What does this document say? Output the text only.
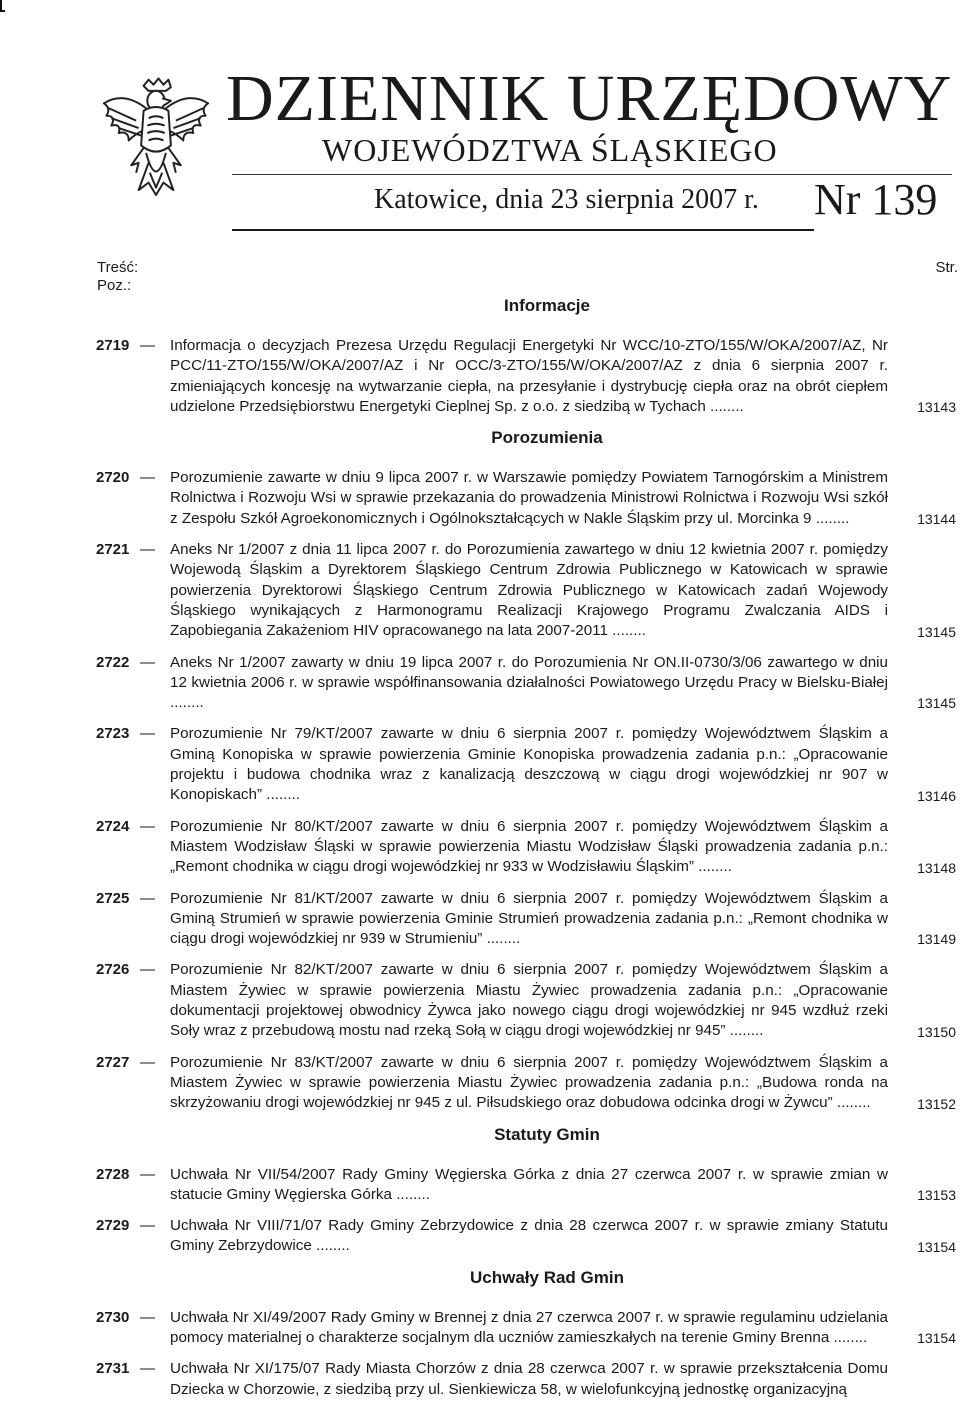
DZIENNIK URZĘDOWY
WOJEWÓDZTWA ŚLĄSKIEGO
Katowice, dnia 23 sierpnia 2007 r. Nr 139
Treść:
Poz.:
Str.
Informacje
2719 — Informacja o decyzjach Prezesa Urzędu Regulacji Energetyki Nr WCC/10-ZTO/155/W/OKA/2007/AZ, Nr PCC/11-ZTO/155/W/OKA/2007/AZ i Nr OCC/3-ZTO/155/W/OKA/2007/AZ z dnia 6 sierpnia 2007 r. zmieniających koncesję na wytwarzanie ciepła, na przesyłanie i dystrybucję ciepła oraz na obrót ciepłem udzielone Przedsiębiorstwu Energetyki Cieplnej Sp. z o.o. z siedzibą w Tychach ........	13143
Porozumienia
2720 — Porozumienie zawarte w dniu 9 lipca 2007 r. w Warszawie pomiędzy Powiatem Tarnogórskim a Ministrem Rolnictwa i Rozwoju Wsi w sprawie przekazania do prowadzenia Ministrowi Rolnictwa i Rozwoju Wsi szkół z Zespołu Szkół Agroekonomicznych i Ogólnokształcących w Nakle Śląskim przy ul. Morcinka 9 ........	13144
2721 — Aneks Nr 1/2007 z dnia 11 lipca 2007 r. do Porozumienia zawartego w dniu 12 kwietnia 2007 r. pomiędzy Wojewodą Śląskim a Dyrektorem Śląskiego Centrum Zdrowia Publicznego w Katowicach w sprawie powierzenia Dyrektorowi Śląskiego Centrum Zdrowia Publicznego w Katowicach zadań Wojewody Śląskiego wynikających z Harmonogramu Realizacji Krajowego Programu Zwalczania AIDS i Zapobiegania Zakażeniom HIV opracowanego na lata 2007-2011 ........	13145
2722 — Aneks Nr 1/2007 zawarty w dniu 19 lipca 2007 r. do Porozumienia Nr ON.II-0730/3/06 zawartego w dniu 12 kwietnia 2006 r. w sprawie współfinansowania działalności Powiatowego Urzędu Pracy w Bielsku-Białej ........	13145
2723 — Porozumienie Nr 79/KT/2007 zawarte w dniu 6 sierpnia 2007 r. pomiędzy Województwem Śląskim a Gminą Konopiska w sprawie powierzenia Gminie Konopiska prowadzenia zadania p.n.: „Opracowanie projektu i budowa chodnika wraz z kanalizacją deszczową w ciągu drogi wojewódzkiej nr 907 w Konopiskach” ........	13146
2724 — Porozumienie Nr 80/KT/2007 zawarte w dniu 6 sierpnia 2007 r. pomiędzy Województwem Śląskim a Miastem Wodzisław Śląski w sprawie powierzenia Miastu Wodzisław Śląski prowadzenia zadania p.n.: „Remont chodnika w ciągu drogi wojewódzkiej nr 933 w Wodzisławiu Śląskim” ........	13148
2725 — Porozumienie Nr 81/KT/2007 zawarte w dniu 6 sierpnia 2007 r. pomiędzy Województwem Śląskim a Gminą Strumień w sprawie powierzenia Gminie Strumień prowadzenia zadania p.n.: „Remont chodnika w ciągu drogi wojewódzkiej nr 939 w Strumieniu” ........	13149
2726 — Porozumienie Nr 82/KT/2007 zawarte w dniu 6 sierpnia 2007 r. pomiędzy Województwem Śląskim a Miastem Żywiec w sprawie powierzenia Miastu Żywiec prowadzenia zadania p.n.: „Opracowanie dokumentacji projektowej obwodnicy Żywca jako nowego ciągu drogi wojewódzkiej nr 945 wzdłuż rzeki Soły wraz z przebudową mostu nad rzeką Sołą w ciągu drogi wojewódzkiej nr 945” ........	13150
2727 — Porozumienie Nr 83/KT/2007 zawarte w dniu 6 sierpnia 2007 r. pomiędzy Województwem Śląskim a Miastem Żywiec w sprawie powierzenia Miastu Żywiec prowadzenia zadania p.n.: „Budowa ronda na skrzyżowaniu drogi wojewódzkiej nr 945 z ul. Piłsudskiego oraz dobudowa odcinka drogi w Żywcu” ........	13152
Statuty Gmin
2728 — Uchwała Nr VII/54/2007 Rady Gminy Węgierska Górka z dnia 27 czerwca 2007 r. w sprawie zmian w statucie Gminy Węgierska Górka ........	13153
2729 — Uchwała Nr VIII/71/07 Rady Gminy Zebrzydowice z dnia 28 czerwca 2007 r. w sprawie zmiany Statutu Gminy Zebrzydowice ........	13154
Uchwały Rad Gmin
2730 — Uchwała Nr XI/49/2007 Rady Gminy w Brennej z dnia 27 czerwca 2007 r. w sprawie regulaminu udzielania pomocy materialnej o charakterze socjalnym dla uczniów zamieszkałych na terenie Gminy Brenna ........	13154
2731 — Uchwała Nr XI/175/07 Rady Miasta Chorzów z dnia 28 czerwca 2007 r. w sprawie przekształcenia Domu Dziecka w Chorzowie, z siedzibą przy ul. Sienkiewicza 58, w wielofunkcyjną jednostkę organizacyjną
